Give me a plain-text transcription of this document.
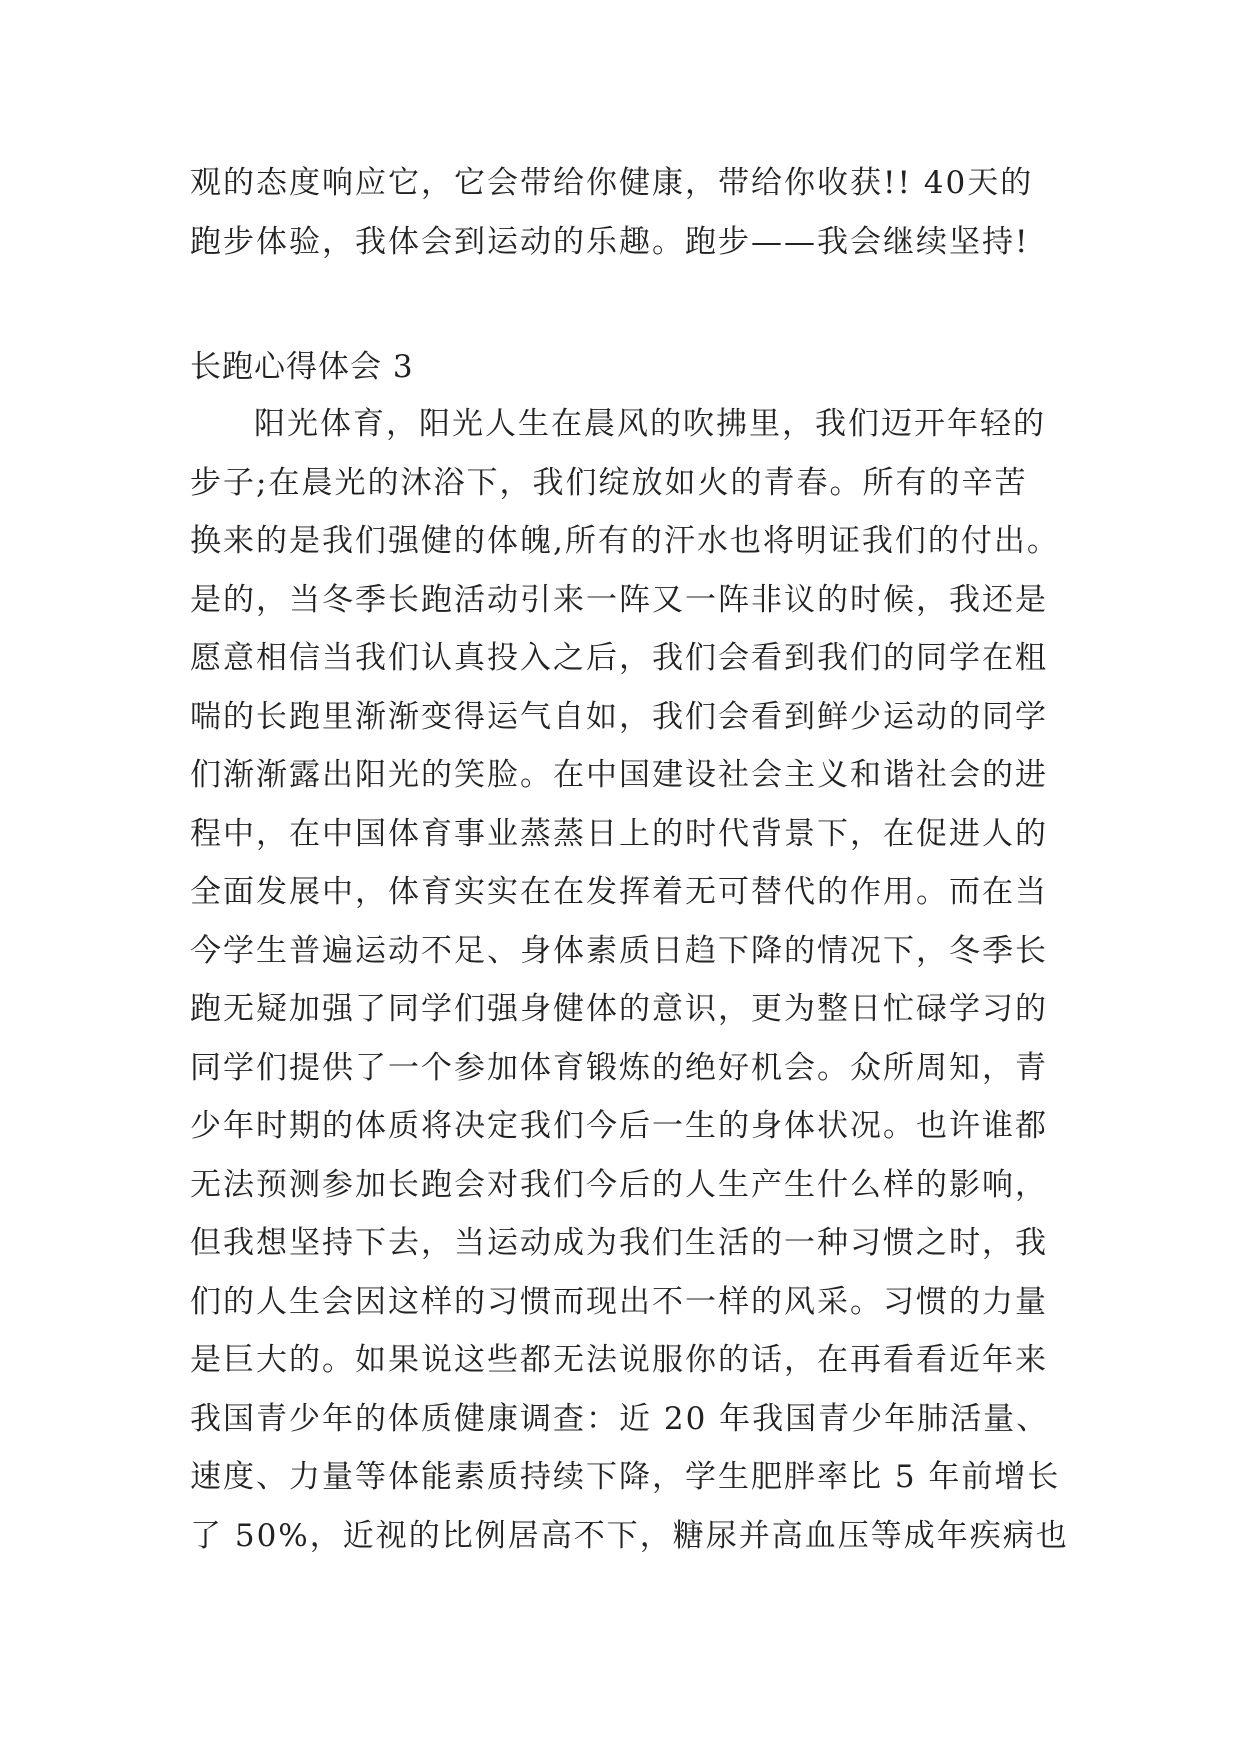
观的态度响应它，它会带给你健康，带给你收获!! 40天的
跑步体验，我体会到运动的乐趣。跑步——我会继续坚持!
长跑心得体会 3
阳光体育，阳光人生在晨风的吹拂里，我们迈开年轻的
步子;在晨光的沐浴下，我们绽放如火的青春。所有的辛苦
换来的是我们强健的体魄,所有的汗水也将明证我们的付出。
是的，当冬季长跑活动引来一阵又一阵非议的时候，我还是
愿意相信当我们认真投入之后，我们会看到我们的同学在粗
喘的长跑里渐渐变得运气自如，我们会看到鲜少运动的同学
们渐渐露出阳光的笑脸。在中国建设社会主义和谐社会的进
程中，在中国体育事业蒸蒸日上的时代背景下，在促进人的
全面发展中，体育实实在在发挥着无可替代的作用。而在当
今学生普遍运动不足、身体素质日趋下降的情况下，冬季长
跑无疑加强了同学们强身健体的意识，更为整日忙碌学习的
同学们提供了一个参加体育锻炼的绝好机会。众所周知，青
少年时期的体质将决定我们今后一生的身体状况。也许谁都
无法预测参加长跑会对我们今后的人生产生什么样的影响，
但我想坚持下去，当运动成为我们生活的一种习惯之时，我
们的人生会因这样的习惯而现出不一样的风采。习惯的力量
是巨大的。如果说这些都无法说服你的话，在再看看近年来
我国青少年的体质健康调查：近 20 年我国青少年肺活量、
速度、力量等体能素质持续下降，学生肥胖率比 5 年前增长
了 50%，近视的比例居高不下，糖尿并高血压等成年疾病也
